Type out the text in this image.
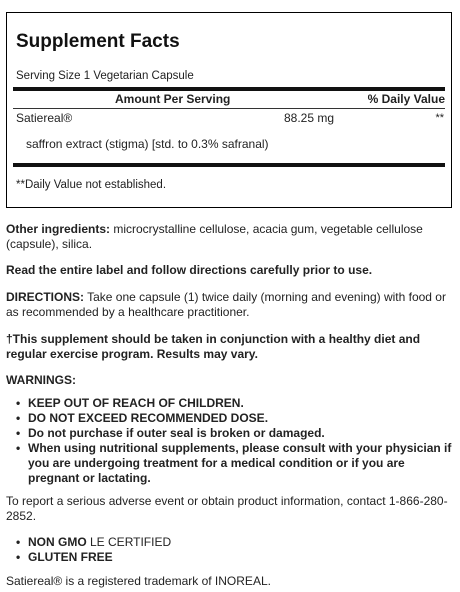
Supplement Facts
Serving Size 1 Vegetarian Capsule
Amount Per Serving	% Daily Value
Satiereal®	88.25 mg	**
saffron extract (stigma) [std. to 0.3% safranal)
**Daily Value not established.
Other ingredients: microcrystalline cellulose, acacia gum, vegetable cellulose (capsule), silica.
Read the entire label and follow directions carefully prior to use.
DIRECTIONS: Take one capsule (1) twice daily (morning and evening) with food or as recommended by a healthcare practitioner.
†This supplement should be taken in conjunction with a healthy diet and regular exercise program. Results may vary.
WARNINGS:
• KEEP OUT OF REACH OF CHILDREN.
• DO NOT EXCEED RECOMMENDED DOSE.
• Do not purchase if outer seal is broken or damaged.
• When using nutritional supplements, please consult with your physician if you are undergoing treatment for a medical condition or if you are pregnant or lactating.
To report a serious adverse event or obtain product information, contact 1-866-280-2852.
• NON GMO LE CERTIFIED
• GLUTEN FREE
Satiereal® is a registered trademark of INOREAL.
